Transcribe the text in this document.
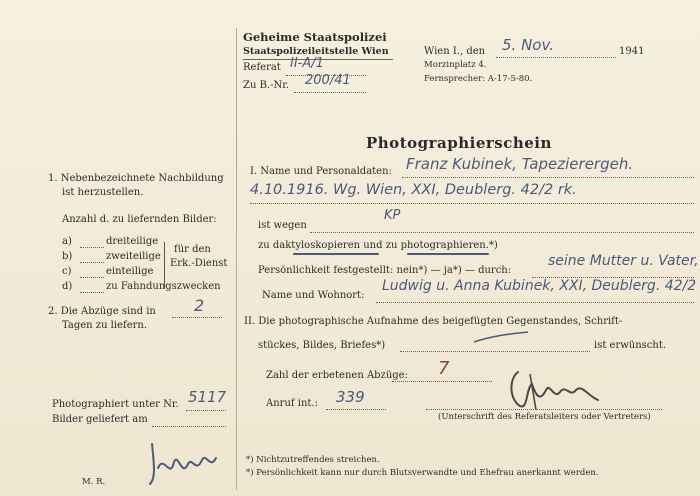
Geheime Staatspolizei
Staatspolizeileitstelle Wien
Referat II-A/1
Zu B.-Nr. 200/41
Wien I., den 5. Nov.	1941
Morzinplatz 4.
Fernsprecher: A-17-5-80.
Photographierschein
1. Nebenbezeichnete Nachbildung
ist herzustellen.
Anzahl d. zu liefernden Bilder:
a)	dreiteilige
b)	zweiteilige
c)	einteilige
d)	zu Fahndungszwecken
für den
Erk.-Dienst
2. Die Abzüge sind in 2
Tagen zu liefern.
Photographiert unter Nr. 5117
Bilder geliefert am
M. R.
I. Name und Personaldaten: Franz Kubinek, Tapezierergeh.
4.10.1916. Wg. Wien, XXI, Deublerg. 42/2 rk.
ist wegen
KP
zu daktyloskopieren und zu photographieren.*)
Persönlichkeit festgestellt: nein*) — ja*) — durch:
seine Mutter u. Vater,
Name und Wohnort:
Ludwig u. Anna Kubinek, XXI, Deublerg. 42/2
II. Die photographische Aufnahme des beigefügten Gegenstandes, Schrift-
stückes, Bildes, Briefes*)	ist erwünscht.
Zahl der erbetenen Abzüge: 7
Anruf int.: 339
(Unterschrift des Referatsleiters oder Vertreters)
*) Nichtzutreffendes streichen.
*) Persönlichkeit kann nur durch Blutsverwandte und Ehefrau anerkannt werden.
